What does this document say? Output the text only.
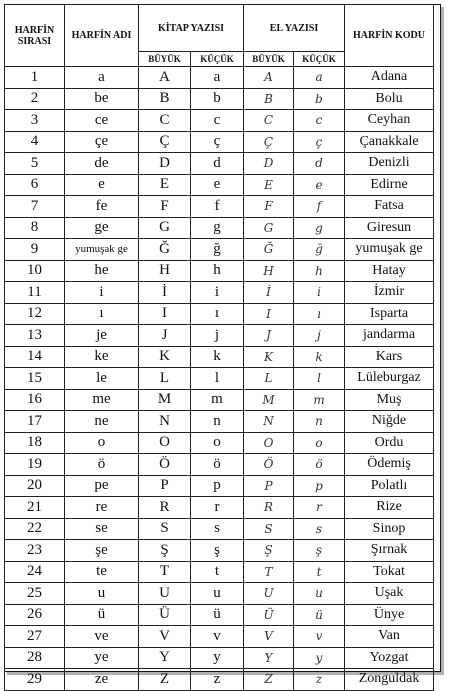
HARFİN SIRASI	HARFİN ADI	KİTAP YAZISI		EL YAZISI		HARFİN KODU
		BÜYÜK	KÜÇÜK	BÜYÜK	KÜÇÜK	
1	a	A	a	A	a	Adana
2	be	B	b	B	b	Bolu
3	ce	C	c	C	c	Ceyhan
4	çe	Ç	ç	Ç	ç	Çanakkale
5	de	D	d	D	d	Denizli
6	e	E	e	E	e	Edirne
7	fe	F	f	F	f	Fatsa
8	ge	G	g	G	g	Giresun
9	yumuşak ge	Ğ	ğ	Ğ	ğ	yumuşak ge
10	he	H	h	H	h	Hatay
11	i	İ	i	İ	i	İzmir
12	ı	I	ı	I	ı	Isparta
13	je	J	j	J	j	jandarma
14	ke	K	k	K	k	Kars
15	le	L	l	L	l	Lüleburgaz
16	me	M	m	M	m	Muş
17	ne	N	n	N	n	Niğde
18	o	O	o	O	o	Ordu
19	ö	Ö	ö	Ö	ö	Ödemiş
20	pe	P	p	P	p	Polatlı
21	re	R	r	R	r	Rize
22	se	S	s	S	s	Sinop
23	şe	Ş	ş	Ş	ş	Şırnak
24	te	T	t	T	t	Tokat
25	u	U	u	U	u	Uşak
26	ü	Ü	ü	Ü	ü	Ünye
27	ve	V	v	V	v	Van
28	ye	Y	y	Y	y	Yozgat
29	ze	Z	z	Z	z	Zonguldak
